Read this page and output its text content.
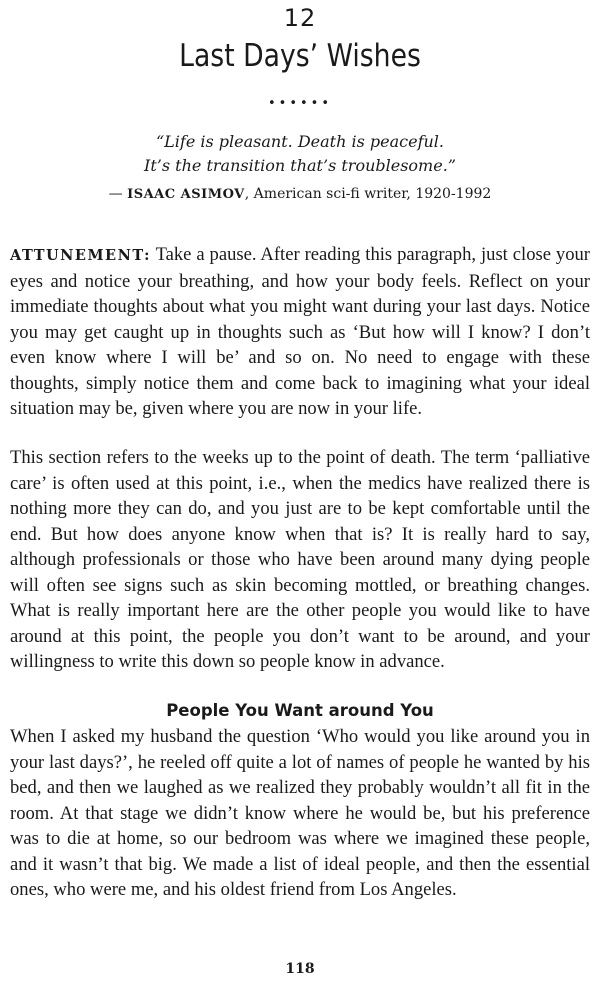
12
Last Days’ Wishes
••••••
“Life is pleasant. Death is peaceful.
It’s the transition that’s troublesome.”
— ISAAC ASIMOV, American sci-fi writer, 1920-1992

ATTUNEMENT: Take a pause. After reading this paragraph, just close your eyes and notice your breathing, and how your body feels. Reflect on your immediate thoughts about what you might want during your last days. Notice you may get caught up in thoughts such as ‘But how will I know? I don’t even know where I will be’ and so on. No need to engage with these thoughts, simply notice them and come back to imagining what your ideal situation may be, given where you are now in your life.

This section refers to the weeks up to the point of death. The term ‘palliative care’ is often used at this point, i.e., when the medics have realized there is nothing more they can do, and you just are to be kept comfortable until the end. But how does anyone know when that is? It is really hard to say, although professionals or those who have been around many dying people will often see signs such as skin becoming mottled, or breathing changes. What is really important here are the other people you would like to have around at this point, the people you don’t want to be around, and your willingness to write this down so people know in advance.

People You Want around You

When I asked my husband the question ‘Who would you like around you in your last days?’, he reeled off quite a lot of names of people he wanted by his bed, and then we laughed as we realized they probably wouldn’t all fit in the room. At that stage we didn’t know where he would be, but his preference was to die at home, so our bedroom was where we imagined these people, and it wasn’t that big. We made a list of ideal people, and then the essential ones, who were me, and his oldest friend from Los Angeles.

118
